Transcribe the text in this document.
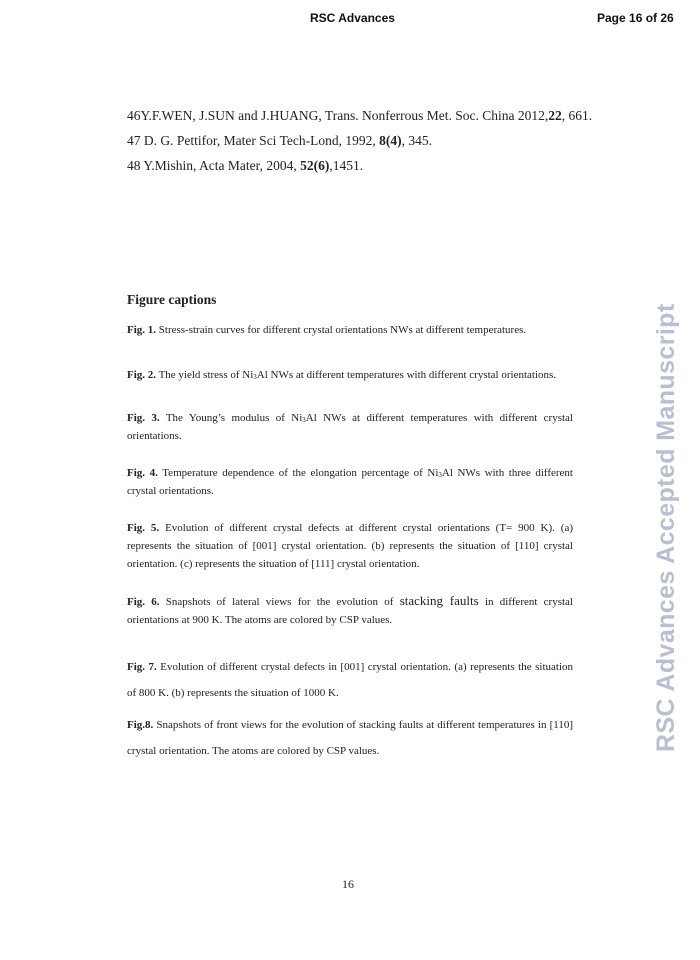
RSC Advances	Page 16 of 26
46Y.F.WEN, J.SUN and J.HUANG, Trans. Nonferrous Met. Soc. China 2012,22, 661.
47 D. G. Pettifor, Mater Sci Tech-Lond, 1992, 8(4), 345.
48 Y.Mishin, Acta Mater, 2004, 52(6),1451.
Figure captions

Fig. 1. Stress-strain curves for different crystal orientations NWs at different temperatures.

Fig. 2. The yield stress of $Ni_3Al$ NWs at different temperatures with different crystal orientations.

Fig. 3. The Young’s modulus of $Ni_3Al$ NWs at different temperatures with different crystal orientations.

Fig. 4. Temperature dependence of the elongation percentage of $Ni_3Al$ NWs with three different crystal orientations.

Fig. 5. Evolution of different crystal defects at different crystal orientations (T= 900 K). (a) represents the situation of [001] crystal orientation. (b) represents the situation of [110] crystal orientation. (c) represents the situation of [111] crystal orientation.

Fig. 6. Snapshots of lateral views for the evolution of stacking faults in different crystal orientations at 900 K. The atoms are colored by CSP values.

Fig. 7. Evolution of different crystal defects in [001] crystal orientation. (a) represents the situation of 800 K. (b) represents the situation of 1000 K.

Fig.8. Snapshots of front views for the evolution of stacking faults at different temperatures in [110] crystal orientation. The atoms are colored by CSP values.	RSC Advances Accepted Manuscript
16
